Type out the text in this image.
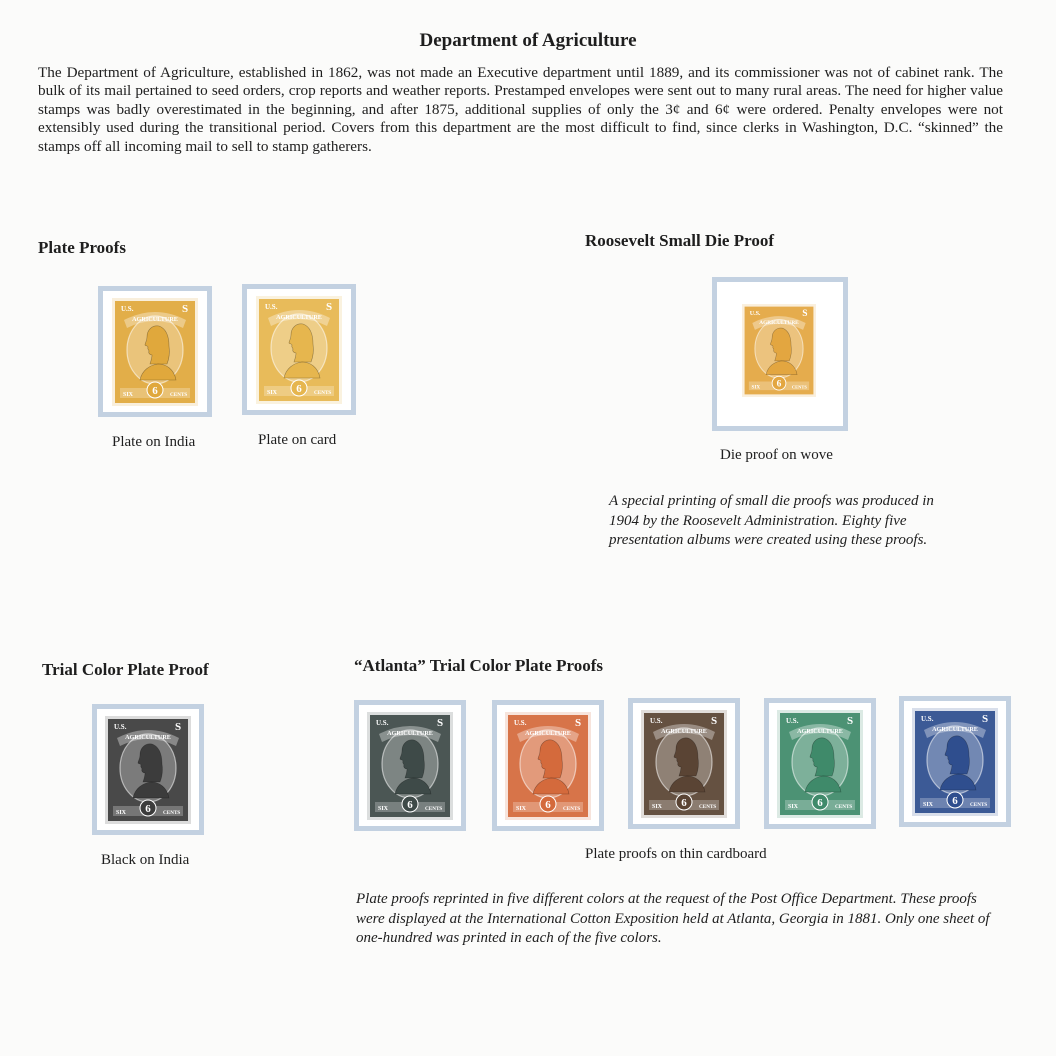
Department of Agriculture
The Department of Agriculture, established in 1862, was not made an Executive department until 1889, and its commissioner was not of cabinet rank. The bulk of its mail pertained to seed orders, crop reports and weather reports. Prestamped envelopes were sent out to many rural areas. The need for higher value stamps was badly overestimated in the beginning, and after 1875, additional supplies of only the 3¢ and 6¢ were ordered. Penalty envelopes were not extensibly used during the transitional period. Covers from this department are the most difficult to find, since clerks in Washington, D.C. “skinned” the stamps off all incoming mail to sell to stamp gatherers.
Plate Proofs
AGRICULTURE
U.S.	S
SIX	CENTS
6
AGRICULTURE
U.S.	S
SIX	CENTS
6
Plate on India	Plate on card
Roosevelt Small Die Proof
AGRICULTURE
U.S.	S
SIX	CENTS
6
Die proof on wove
A special printing of small die proofs was produced in 1904 by the Roosevelt Administration. Eighty five presentation albums were created using these proofs.
Trial Color Plate Proof
AGRICULTURE
U.S.	S
SIX	CENTS
6
Black on India
“Atlanta” Trial Color Plate Proofs
AGRICULTURE
U.S.	S
SIX	CENTS
6
AGRICULTURE
U.S.	S
SIX	CENTS
6
AGRICULTURE
U.S.	S
SIX	CENTS
6
AGRICULTURE
U.S.	S
SIX	CENTS
6
AGRICULTURE
U.S.	S
SIX	CENTS
6
Plate proofs on thin cardboard
Plate proofs reprinted in five different colors at the request of the Post Office Department. These proofs were displayed at the International Cotton Exposition held at Atlanta, Georgia in 1881. Only one sheet of one-hundred was printed in each of the five colors.
